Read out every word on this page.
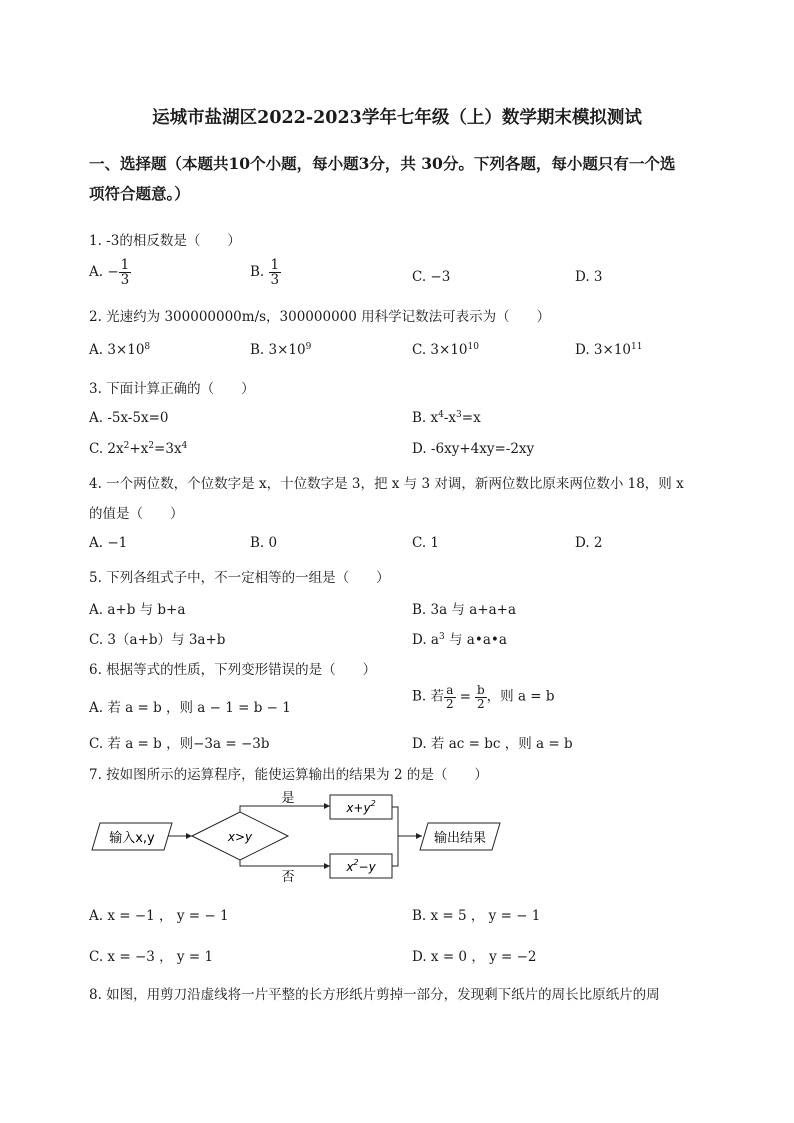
运城市盐湖区2022-2023学年七年级（上）数学期末模拟测试
一、选择题（本题共10个小题，每小题3分，共 30分。下列各题，每小题只有一个选
项符合题意。）
1. -3的相反数是（　　）
A. − $\frac{1}{3}$	B. $\frac{1}{3}$	C. −3	D. 3
2. 光速约为 300000000m/s，300000000 用科学记数法可表示为（　　）
A. $3\times 10^8$	B. $3\times 10^9$	C. $3\times 10^{10}$	D. $3\times 10^{11}$
3. 下面计算正确的（　　）
A. -5x-5x=0	B. $x^4-x^3=x$
C. $2x^2+x^2=3x^4$	D. -6xy+4xy=-2xy
4. 一个两位数，个位数字是 x，十位数字是 3，把 x 与 3 对调，新两位数比原来两位数小 18，则 x
的值是（　　）
A. −1	B. 0	C. 1	D. 2
5. 下列各组式子中，不一定相等的一组是（　　）
A. a+b 与 b+a	B. 3a 与 a+a+a
C. 3（a+b）与 3a+b	D. $a^3$ 与 a•a•a
6. 根据等式的性质，下列变形错误的是（　　）
A. 若 a = b ，则 a − 1 = b − 1
B. 若 $\frac{a}{2} = \frac{b}{2}$ ，则 a = b
C. 若 a = b ，则−3a = −3b	D. 若 ac = bc ，则 a = b
7. 按如图所示的运算程序，能使运算输出的结果为 2 的是（　　）
输入x,y	x>y
是
$x+y^2$
否
$x^2-y$
输出结果
A. x = −1 ， y = − 1	B. x = 5 ， y = − 1
C. x = −3 ， y = 1	D. x = 0 ， y = −2
8. 如图，用剪刀沿虚线将一片平整的长方形纸片剪掉一部分，发现剩下纸片的周长比原纸片的周
